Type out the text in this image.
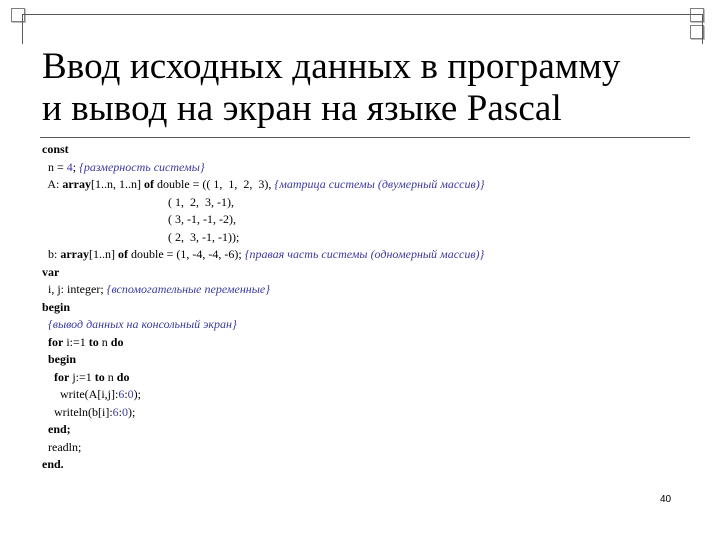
Ввод исходных данных в программу
и вывод на экран на языке Pascal
const
n = 4; {размерность системы}
A: array[1..n, 1..n] of double = (( 1,  1,  2,  3), {матрица системы (двумерный массив)}
( 1,  2,  3, -1),
( 3, -1, -1, -2),
( 2,  3, -1, -1));
b: array[1..n] of double = (1, -4, -4, -6); {правая часть системы (одномерный массив)}
var
i, j: integer; {вспомогательные переменные}
begin
{вывод данных на консольный экран}
for i:=1 to n do
begin
for j:=1 to n do
write(A[i,j]:6:0);
writeln(b[i]:6:0);
end;
readln;
end.
40
